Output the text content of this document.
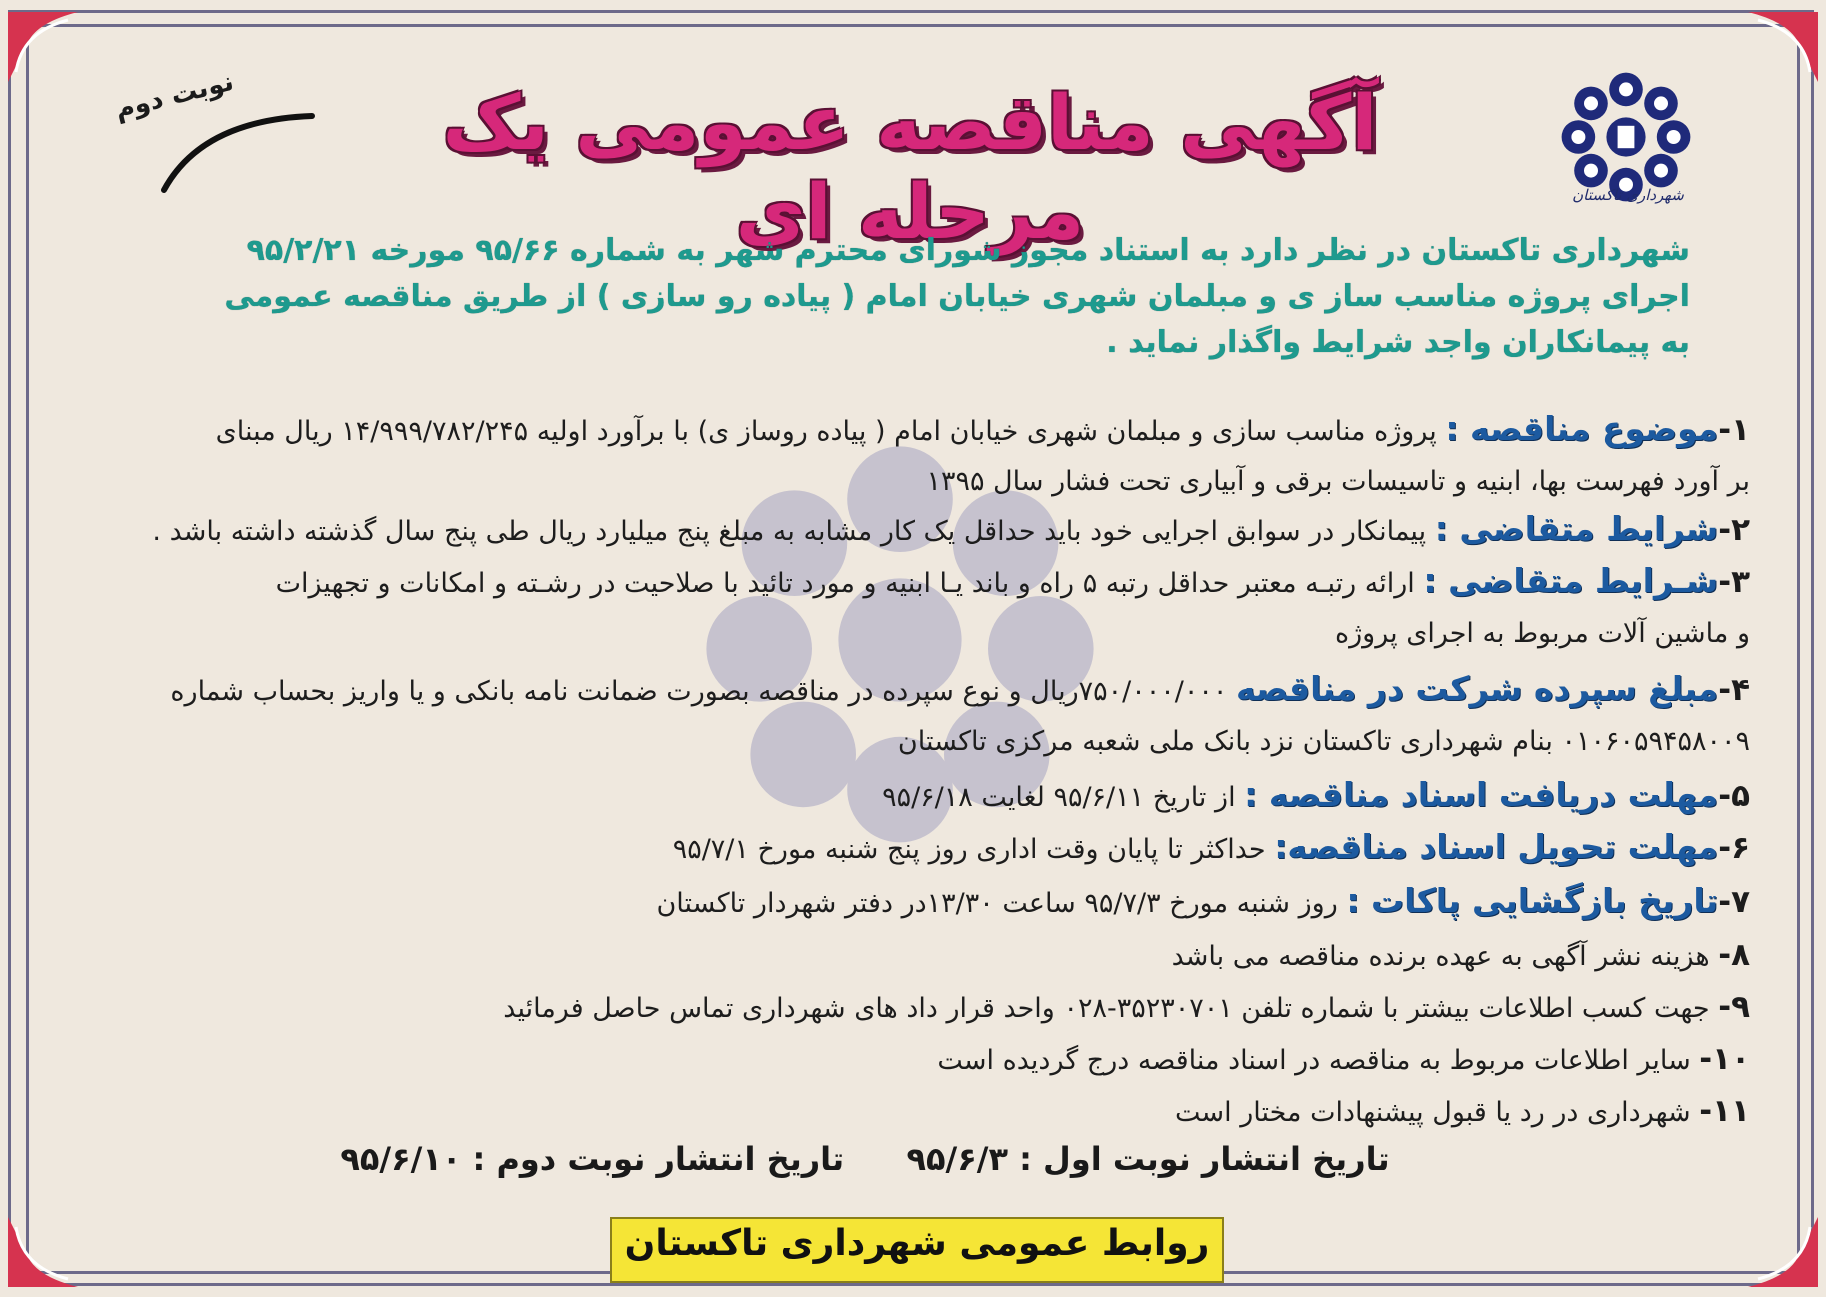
شهرداری تاکستان
نوبت دوم	آگهی مناقصه عمومی یک مرحله ای
شهرداری تاکستان در نظر دارد به استناد مجوز شورای محترم شهر به شماره ۹۵/۶۶ مورخه ۹۵/۲/۲۱
اجرای پروژه مناسب ساز ی و مبلمان شهری خیابان امام ( پیاده رو سازی ) از طریق مناقصه عمومی
به پیمانکاران واجد شرایط واگذار نماید .
۱-موضوع مناقصه : پروژه مناسب سازی و مبلمان شهری خیابان امام ( پیاده روساز ی) با برآورد اولیه ۱۴/۹۹۹/۷۸۲/۲۴۵ ریال مبنای
بر آورد فهرست بها، ابنیه و تاسیسات برقی و آبیاری تحت فشار سال ۱۳۹۵
۲-شرایط متقاضی : پیمانکار در سوابق اجرایی خود باید حداقل یک کار مشابه به مبلغ پنج میلیارد ریال طی پنج سال گذشته داشته باشد .
۳-شـرایط متقاضی : ارائه رتبـه معتبر حداقل رتبه ۵ راه و باند یـا ابنیه و مورد تائید با صلاحیت در رشـته و امکانات و تجهیزات
و ماشین آلات مربوط به اجرای پروژه
۴-مبلغ سپرده شرکت در مناقصه ۷۵۰/۰۰۰/۰۰۰ریال و نوع سپرده در مناقصه بصورت ضمانت نامه بانکی و یا واریز بحساب شماره
۰۱۰۶۰۵۹۴۵۸۰۰۹ بنام شهرداری تاکستان نزد بانک ملی شعبه مرکزی تاکستان
۵-مهلت دریافت اسناد مناقصه : از تاریخ ۹۵/۶/۱۱ لغایت ۹۵/۶/۱۸
۶-مهلت تحویل اسناد مناقصه: حداکثر تا پایان وقت اداری روز پنج شنبه مورخ ۹۵/۷/۱
۷-تاریخ بازگشایی پاکات : روز شنبه مورخ ۹۵/۷/۳ ساعت ۱۳/۳۰در دفتر شهردار تاکستان
۸- هزینه نشر آگهی به عهده برنده مناقصه می باشد
۹- جهت کسب اطلاعات بیشتر با شماره تلفن ۳۵۲۳۰۷۰۱-۰۲۸ واحد قرار داد های شهرداری تماس حاصل فرمائید
۱۰- سایر اطلاعات مربوط به مناقصه در اسناد مناقصه درج گردیده است
۱۱- شهرداری در رد یا قبول پیشنهادات مختار است
تاریخ انتشار نوبت اول : ۹۵/۶/۳  تاریخ انتشار نوبت دوم : ۹۵/۶/۱۰
روابط عمومی شهرداری تاکستان
